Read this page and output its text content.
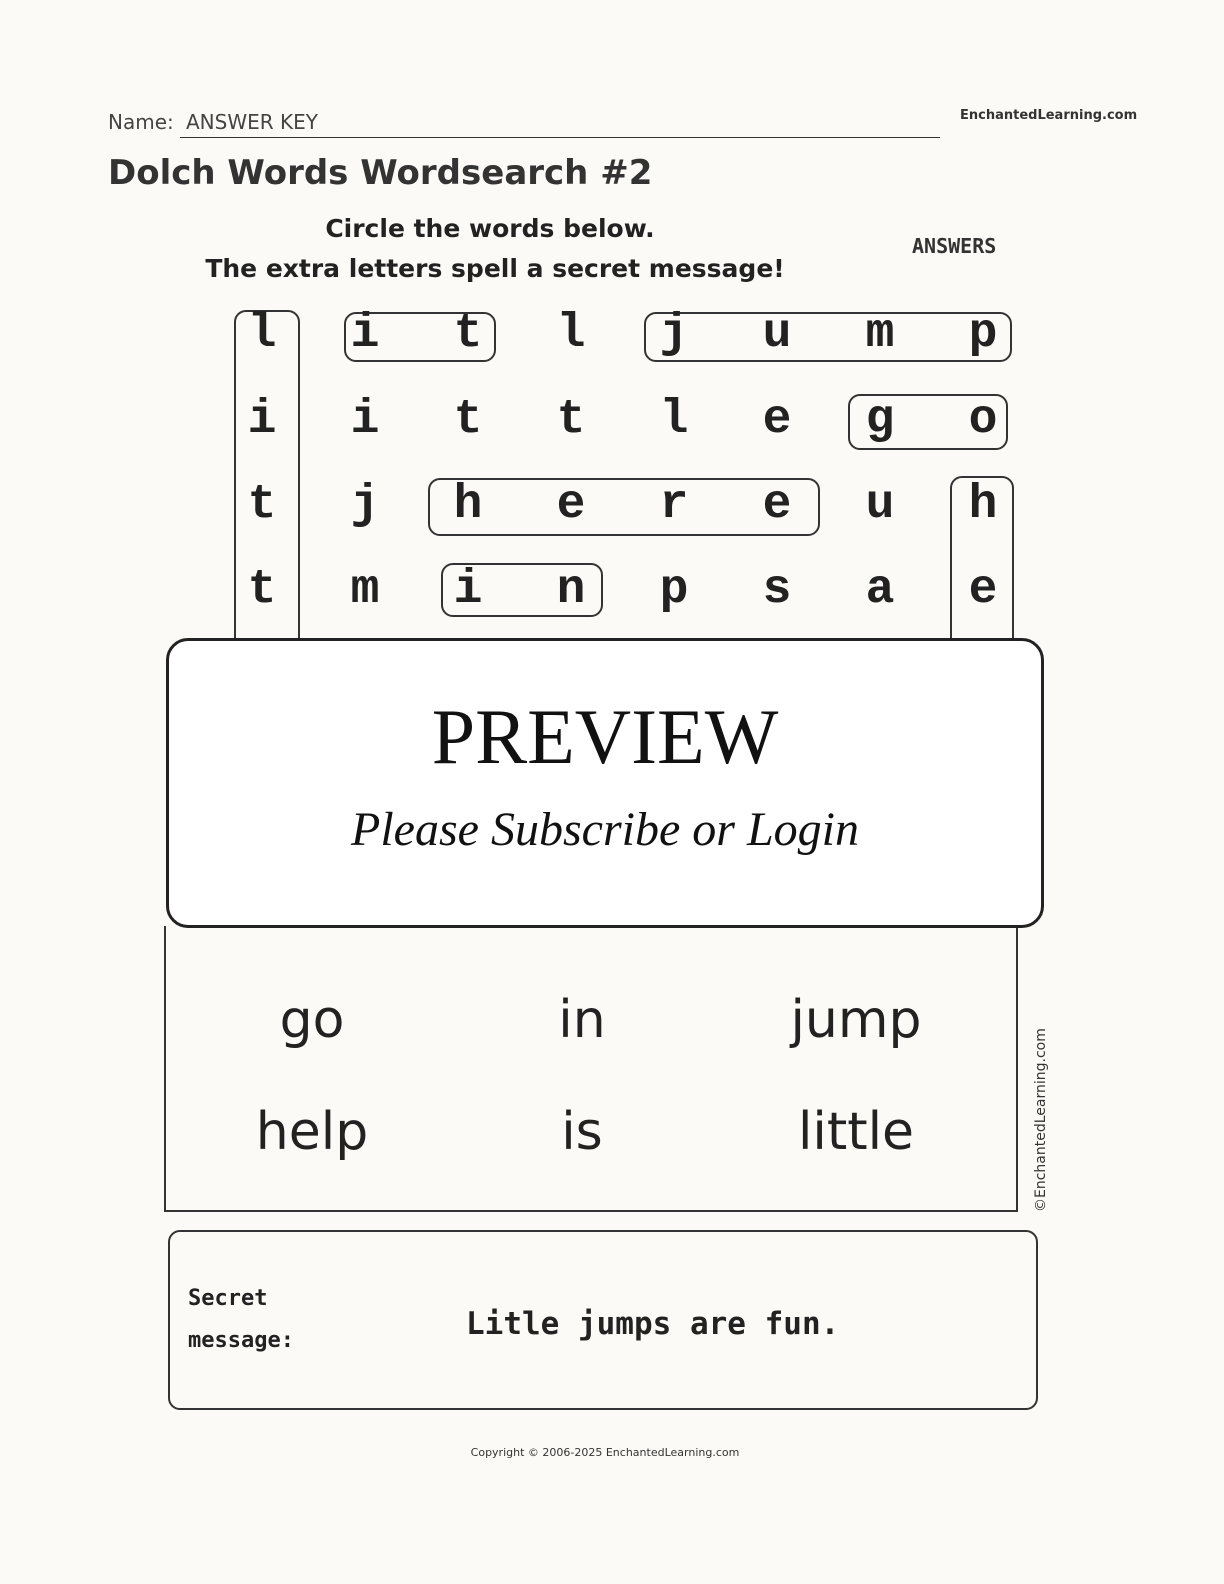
Name: ANSWER KEY	EnchantedLearning.com
Dolch Words Wordsearch #2
Circle the words below.
The extra letters spell a secret message!
ANSWERS
l	i	t	l	j	u	m	p
i	i	t	t	l	e	g	o
t	j	h	e	r	e	u	h
t	m	i	n	p	s	a	e
go	in	jump
help	is	little	©EnchantedLearning.com
PREVIEW
Please Subscribe or Login
Secret message:	Litle jumps are fun.
Copyright © 2006-2025 EnchantedLearning.com
